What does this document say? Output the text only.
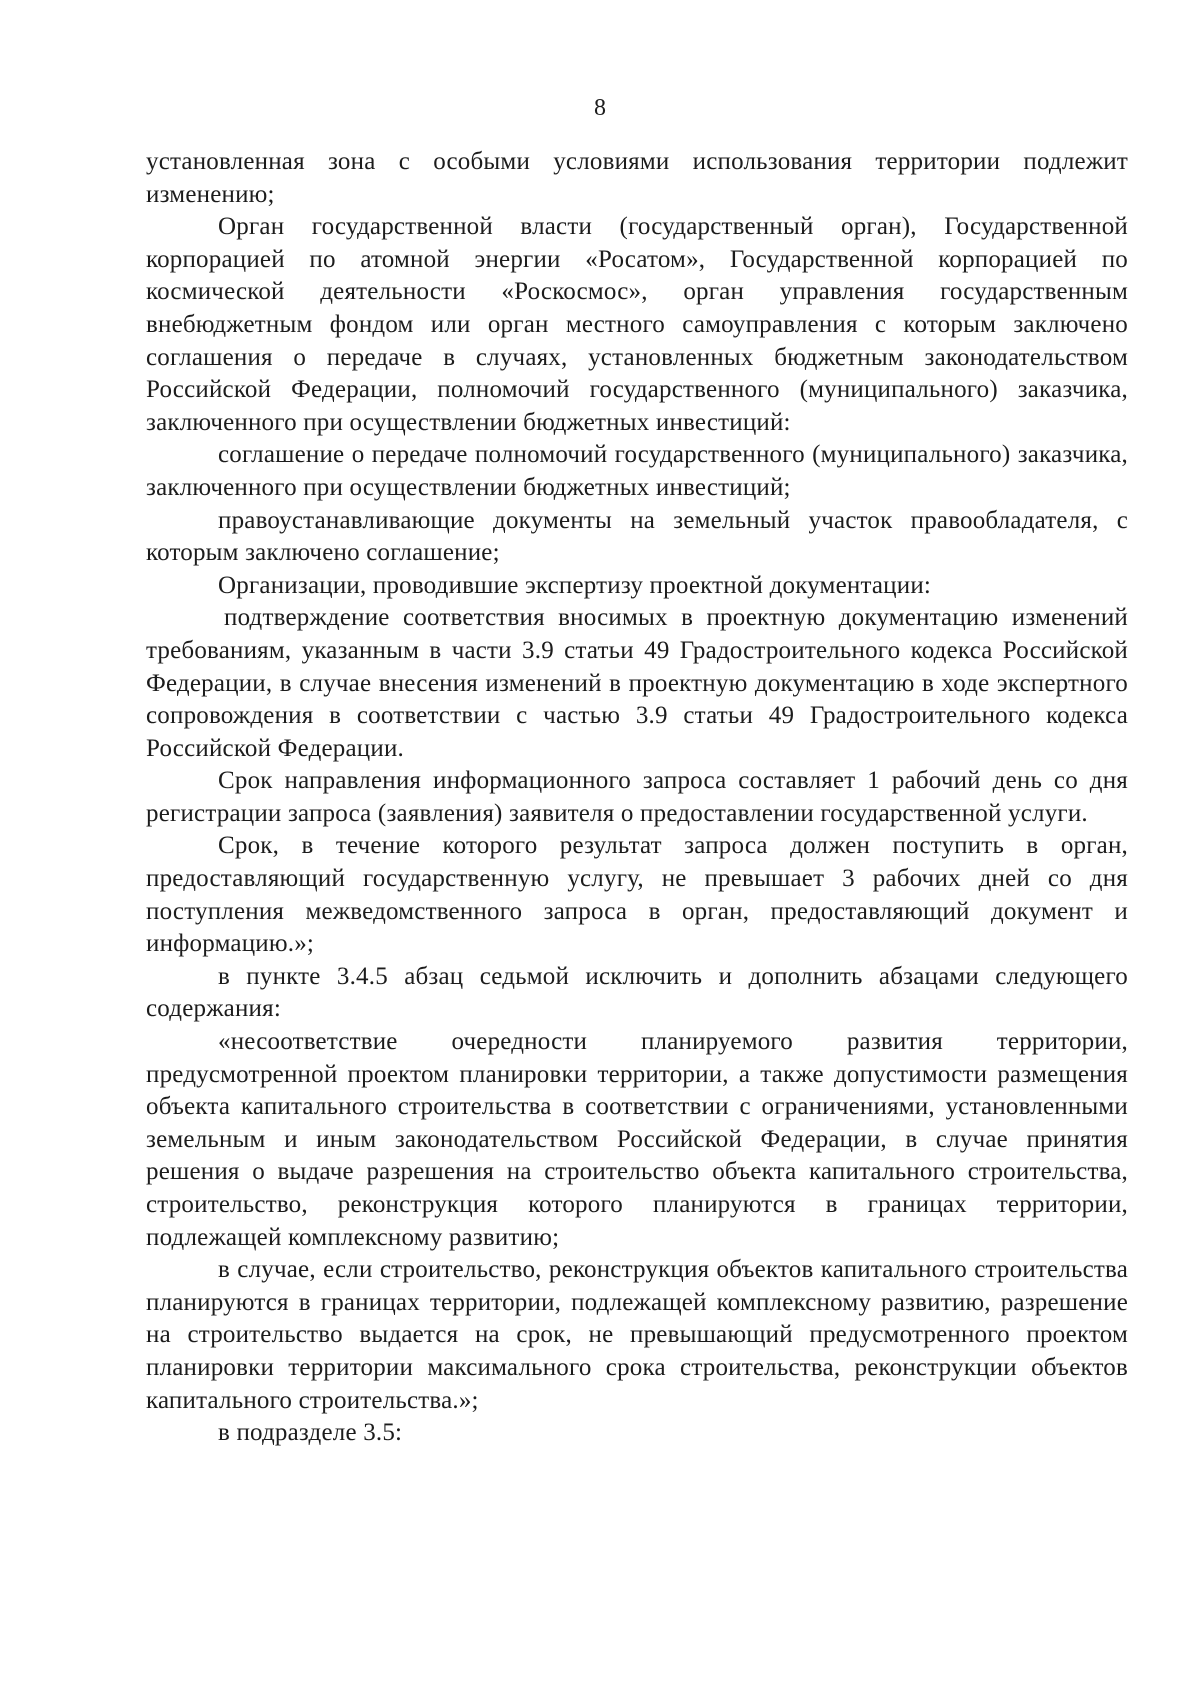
8

установленная зона с особыми условиями использования территории подлежит изменению;

Орган государственной власти (государственный орган), Государственной корпорацией по атомной энергии «Росатом», Государственной корпорацией по космической деятельности «Роскосмос», орган управления государственным внебюджетным фондом или орган местного самоуправления с которым заключено соглашения о передаче в случаях, установленных бюджетным законодательством Российской Федерации, полномочий государственного (муниципального) заказчика, заключенного при осуществлении бюджетных инвестиций:

соглашение о передаче полномочий государственного (муниципального) заказчика, заключенного при осуществлении бюджетных инвестиций;

правоустанавливающие документы на земельный участок правообладателя, с которым заключено соглашение;

Организации, проводившие экспертизу проектной документации:

подтверждение соответствия вносимых в проектную документацию изменений требованиям, указанным в части 3.9 статьи 49 Градостроительного кодекса Российской Федерации, в случае внесения изменений в проектную документацию в ходе экспертного сопровождения в соответствии с частью 3.9 статьи 49 Градостроительного кодекса Российской Федерации.

Срок направления информационного запроса составляет 1 рабочий день со дня регистрации запроса (заявления) заявителя о предоставлении государственной услуги.

Срок, в течение которого результат запроса должен поступить в орган, предоставляющий государственную услугу, не превышает 3 рабочих дней со дня поступления межведомственного запроса в орган, предоставляющий документ и информацию.»;

в пункте 3.4.5 абзац седьмой исключить и дополнить абзацами следующего содержания:

«несоответствие очередности планируемого развития территории, предусмотренной проектом планировки территории, а также допустимости размещения объекта капитального строительства в соответствии с ограничениями, установленными земельным и иным законодательством Российской Федерации, в случае принятия решения о выдаче разрешения на строительство объекта капитального строительства, строительство, реконструкция которого планируются в границах территории, подлежащей комплексному развитию;

в случае, если строительство, реконструкция объектов капитального строительства планируются в границах территории, подлежащей комплексному развитию, разрешение на строительство выдается на срок, не превышающий предусмотренного проектом планировки территории максимального срока строительства, реконструкции объектов капитального строительства.»;

в подразделе 3.5:
